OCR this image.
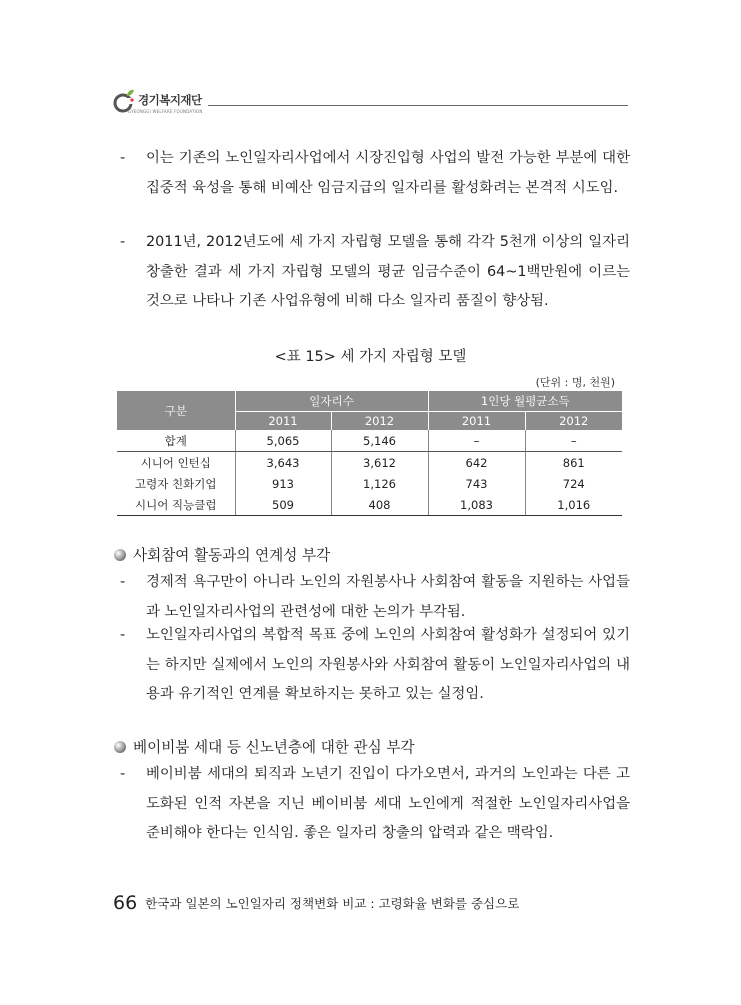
경기복지재단
GYEONGGI WELFARE FOUNDATION
- 이는 기존의 노인일자리사업에서 시장진입형 사업의 발전 가능한 부분에 대한 집중적 육성을 통해 비예산 임금지급의 일자리를 활성화려는 본격적 시도임.
- 2011년, 2012년도에 세 가지 자립형 모델을 통해 각각 5천개 이상의 일자리 창출한 결과 세 가지 자립형 모델의 평균 임금수준이 64~1백만원에 이르는 것으로 나타나 기존 사업유형에 비해 다소 일자리 품질이 향상됨.
<표 15> 세 가지 자립형 모델
(단위 : 명, 천원)
구분	일자리수		1인당 월평균소득	
	2011	2012	2011	2012
합계	5,065	5,146	–	–
시니어 인턴십	3,643	3,612	642	861
고령자 친화기업	913	1,126	743	724
시니어 직능클럽	509	408	1,083	1,016
사회참여 활동과의 연계성 부각
- 경제적 욕구만이 아니라 노인의 자원봉사나 사회참여 활동을 지원하는 사업들과 노인일자리사업의 관련성에 대한 논의가 부각됨.
- 노인일자리사업의 복합적 목표 중에 노인의 사회참여 활성화가 설정되어 있기는 하지만 실제에서 노인의 자원봉사와 사회참여 활동이 노인일자리사업의 내용과 유기적인 연계를 확보하지는 못하고 있는 실정임.
베이비붐 세대 등 신노년층에 대한 관심 부각
- 베이비붐 세대의 퇴직과 노년기 진입이 다가오면서, 과거의 노인과는 다른 고도화된 인적 자본을 지닌 베이비붐 세대 노인에게 적절한 노인일자리사업을 준비해야 한다는 인식임. 좋은 일자리 창출의 압력과 같은 맥락임.
66 한국과 일본의 노인일자리 정책변화 비교 : 고령화율 변화를 중심으로
